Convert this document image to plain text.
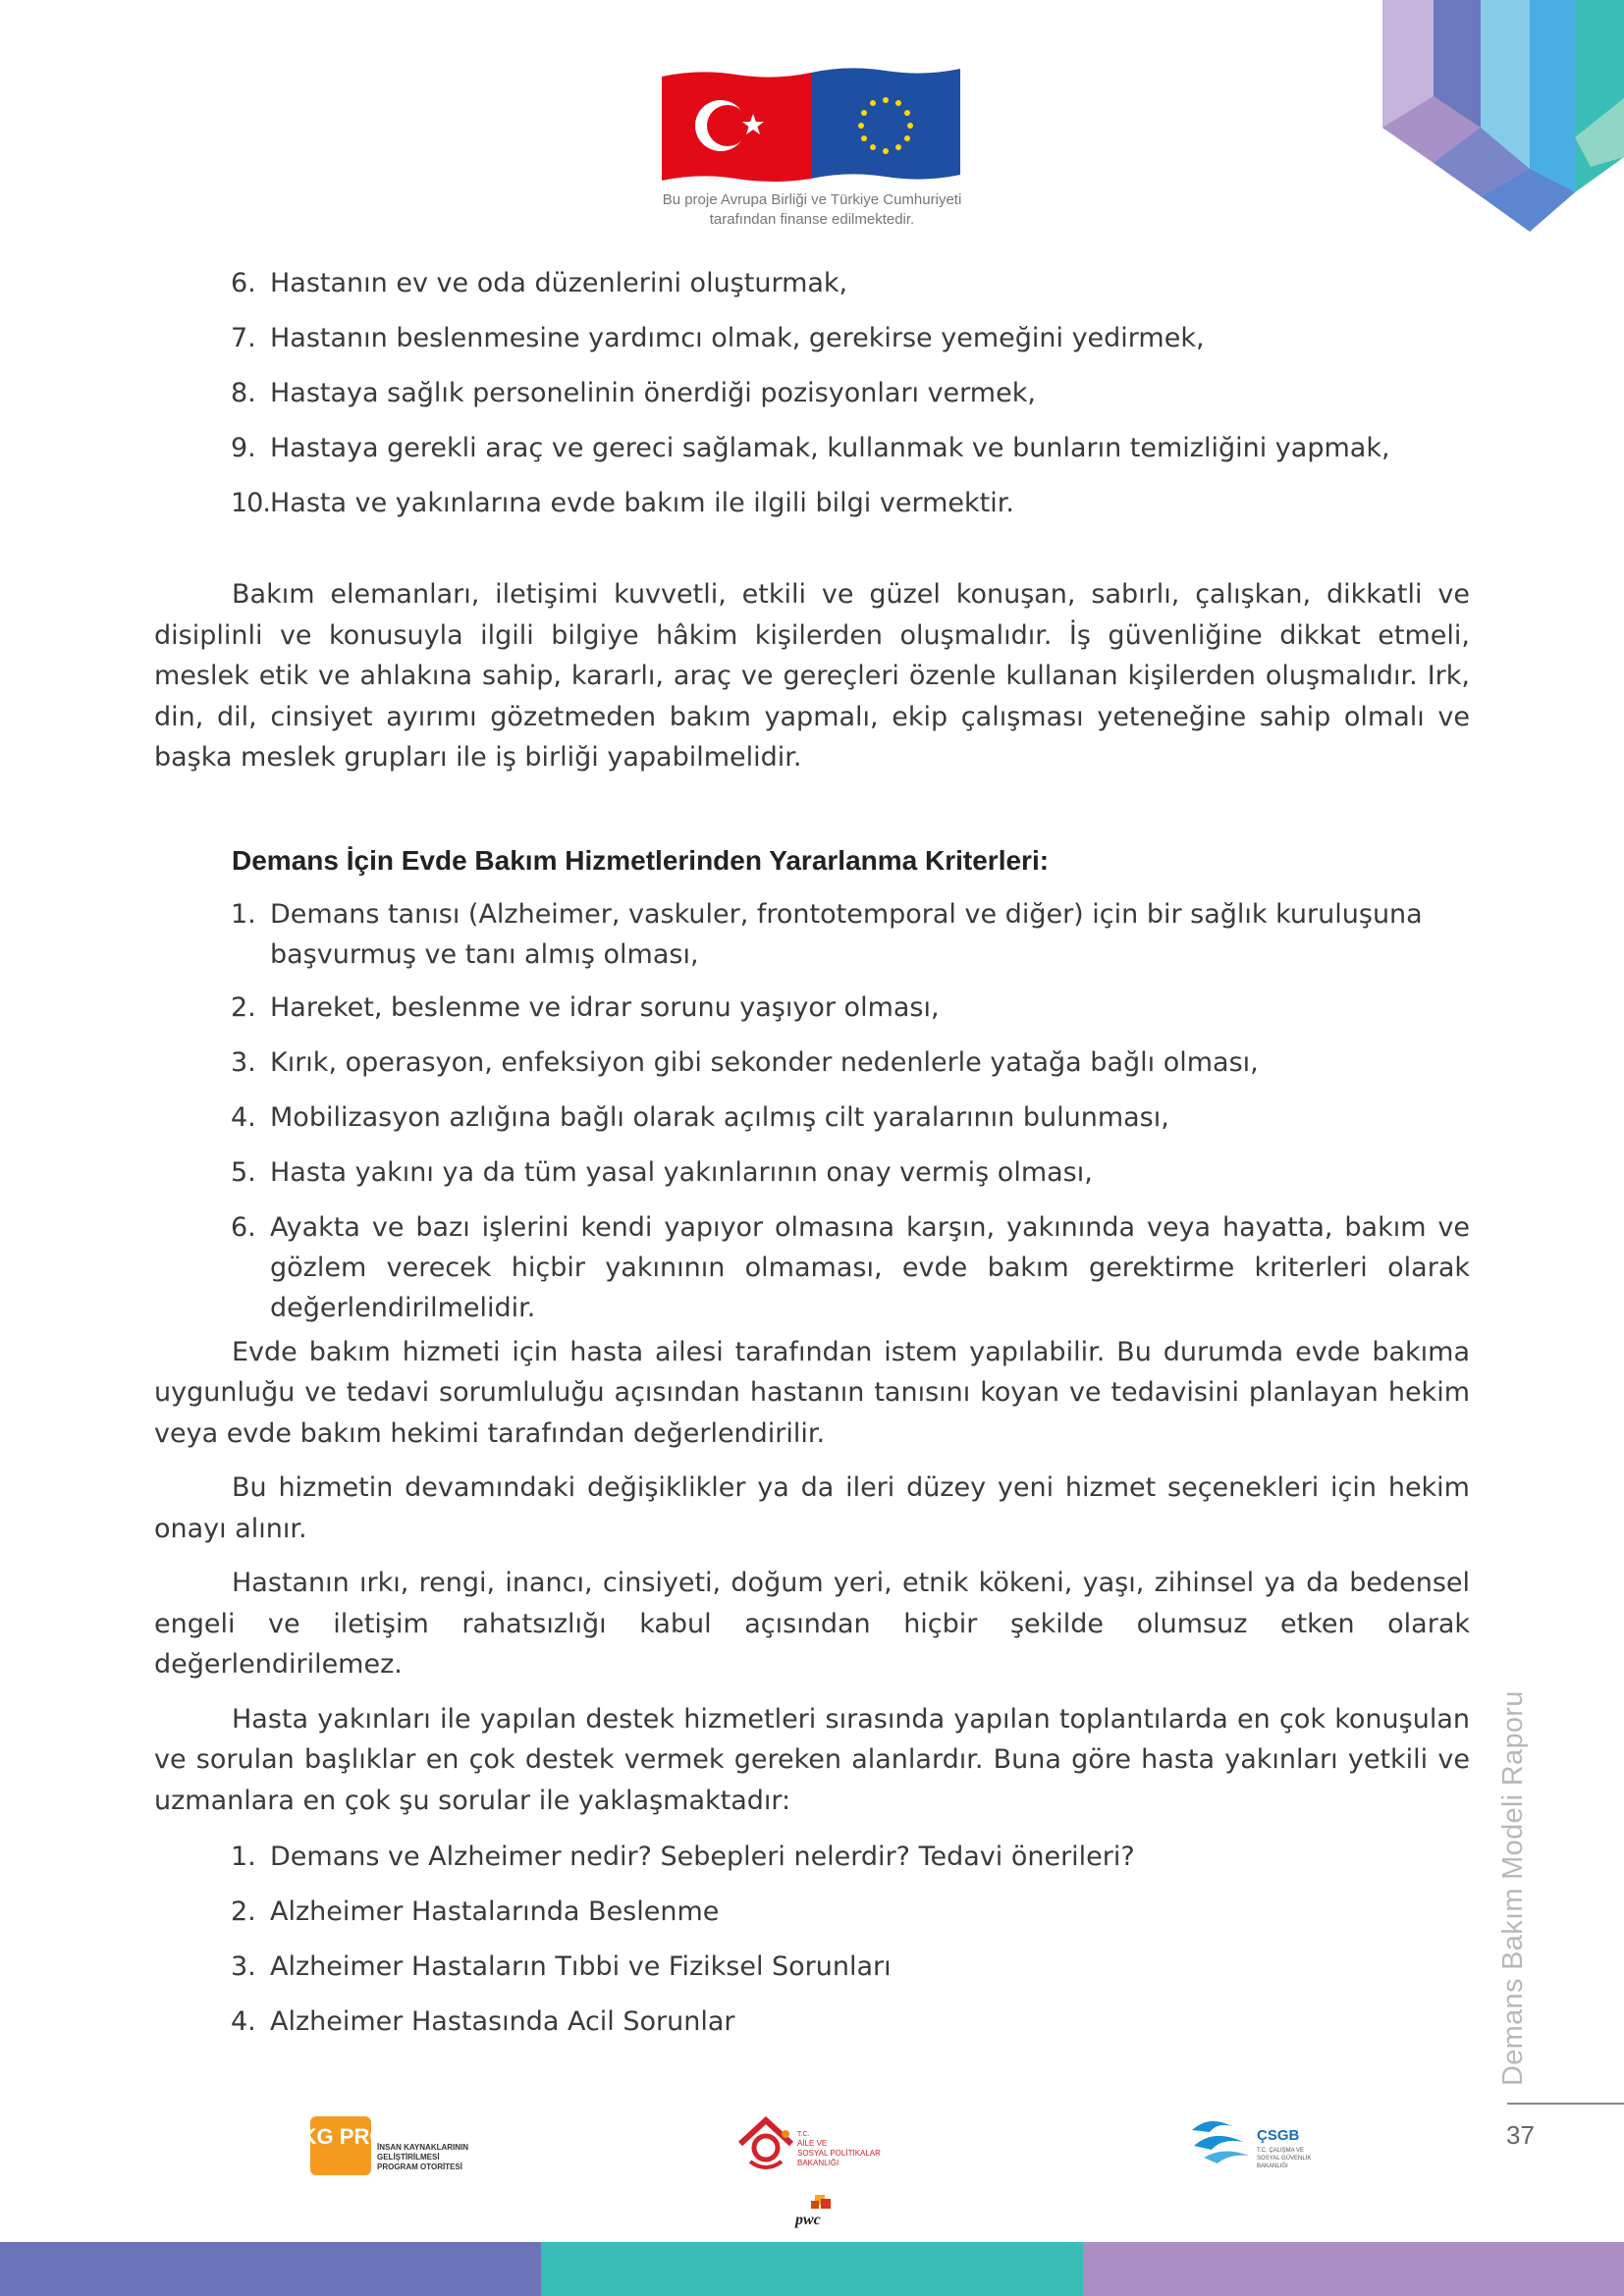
Bu proje Avrupa Birliği ve Türkiye Cumhuriyeti
tarafından finanse edilmektedir.
6. Hastanın ev ve oda düzenlerini oluşturmak,
7. Hastanın beslenmesine yardımcı olmak, gerekirse yemeğini yedirmek,
8. Hastaya sağlık personelinin önerdiği pozisyonları vermek,
9. Hastaya gerekli araç ve gereci sağlamak, kullanmak ve bunların temizliğini yapmak,
10. Hasta ve yakınlarına evde bakım ile ilgili bilgi vermektir.

Bakım elemanları, iletişimi kuvvetli, etkili ve güzel konuşan, sabırlı, çalışkan, dikkatli ve disiplinli ve konusuyla ilgili bilgiye hâkim kişilerden oluşmalıdır. İş güvenliğine dikkat etmeli, meslek etik ve ahlakına sahip, kararlı, araç ve gereçleri özenle kullanan kişilerden oluşmalıdır. Irk, din, dil, cinsiyet ayırımı gözetmeden bakım yapmalı, ekip çalışması yeteneğine sahip olmalı ve başka meslek grupları ile iş birliği yapabilmelidir.

Demans İçin Evde Bakım Hizmetlerinden Yararlanma Kriterleri:

1. Demans tanısı (Alzheimer, vaskuler, frontotemporal ve diğer) için bir sağlık kuruluşuna başvurmuş ve tanı almış olması,
2. Hareket, beslenme ve idrar sorunu yaşıyor olması,
3. Kırık, operasyon, enfeksiyon gibi sekonder nedenlerle yatağa bağlı olması,
4. Mobilizasyon azlığına bağlı olarak açılmış cilt yaralarının bulunması,
5. Hasta yakını ya da tüm yasal yakınlarının onay vermiş olması,
6. Ayakta ve bazı işlerini kendi yapıyor olmasına karşın, yakınında veya hayatta, bakım ve gözlem verecek hiçbir yakınının olmaması, evde bakım gerektirme kriterleri olarak değerlendirilmelidir.

Evde bakım hizmeti için hasta ailesi tarafından istem yapılabilir. Bu durumda evde bakıma uygunluğu ve tedavi sorumluluğu açısından hastanın tanısını koyan ve tedavisini planlayan hekim veya evde bakım hekimi tarafından değerlendirilir.

Bu hizmetin devamındaki değişiklikler ya da ileri düzey yeni hizmet seçenekleri için hekim onayı alınır.

Hastanın ırkı, rengi, inancı, cinsiyeti, doğum yeri, etnik kökeni, yaşı, zihinsel ya da bedensel engeli ve iletişim rahatsızlığı kabul açısından hiçbir şekilde olumsuz etken olarak değerlendirilemez.

Hasta yakınları ile yapılan destek hizmetleri sırasında yapılan toplantılarda en çok konuşulan ve sorulan başlıklar en çok destek vermek gereken alanlardır. Buna göre hasta yakınları yetkili ve uzmanlara en çok şu sorular ile yaklaşmaktadır:

1. Demans ve Alzheimer nedir? Sebepleri nelerdir? Tedavi önerileri?
2. Alzheimer Hastalarında Beslenme
3. Alzheimer Hastaların Tıbbi ve Fiziksel Sorunları
4. Alzheimer Hastasında Acil Sorunlar	Demans Bakım Modeli Raporu
37
İKG PRO
İNSAN KAYNAKLARININ
GELİŞTİRİLMESİ
PROGRAM OTORİTESİ
T.C.
AİLE VE
SOSYAL POLİTİKALAR
BAKANLIĞI
ÇSGB
T.C. ÇALIŞMA VE
SOSYAL GÜVENLİK
BAKANLIĞI
pwc
